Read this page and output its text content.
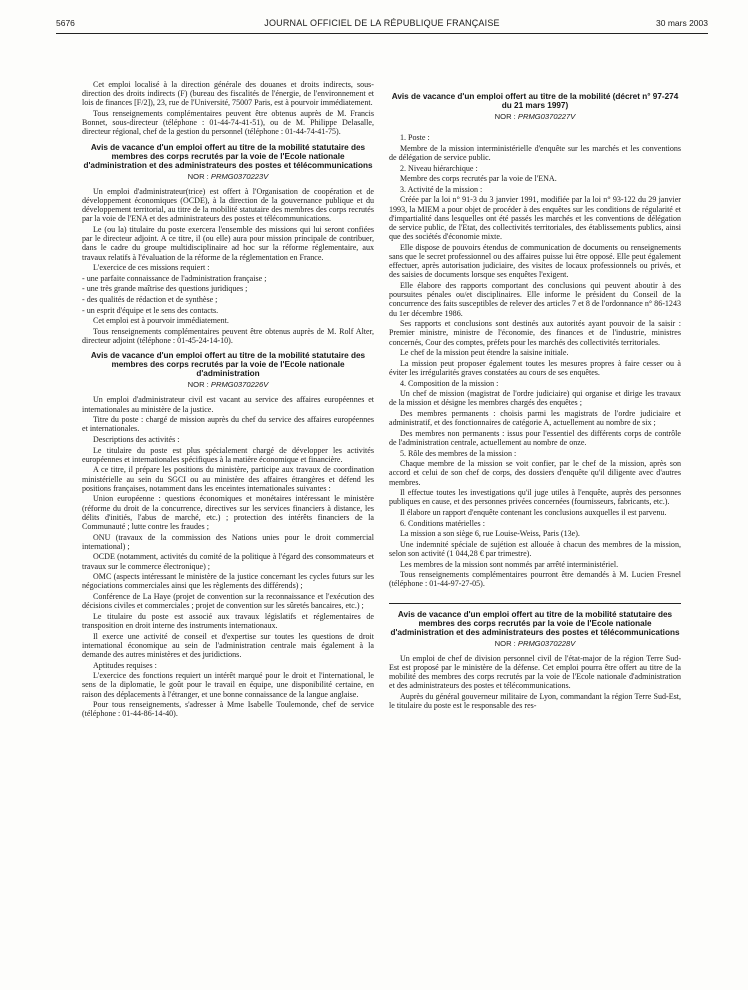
5676	JOURNAL OFFICIEL DE LA RÉPUBLIQUE FRANÇAISE	30 mars 2003

Cet emploi localisé à la direction générale des douanes et droits indirects, sous-direction des droits indirects (F) (bureau des fiscalités de l'énergie, de l'environnement et lois de finances [F/2]), 23, rue de l'Université, 75007 Paris, est à pourvoir immédiatement.

Tous renseignements complémentaires peuvent être obtenus auprès de M. Francis Bonnet, sous-directeur (téléphone : 01-44-74-41-51), ou de M. Philippe Delasalle, directeur régional, chef de la gestion du personnel (téléphone : 01-44-74-41-75).

Avis de vacance d'un emploi offert au titre de la mobilité statutaire des membres des corps recrutés par la voie de l'Ecole nationale d'administration et des administrateurs des postes et télécommunications
NOR : PRMG0370223V

Un emploi d'administrateur(trice) est offert à l'Organisation de coopération et de développement économiques (OCDE), à la direction de la gouvernance publique et du développement territorial, au titre de la mobilité statutaire des membres des corps recrutés par la voie de l'ENA et des administrateurs des postes et télécommunications.

Le (ou la) titulaire du poste exercera l'ensemble des missions qui lui seront confiées par le directeur adjoint. A ce titre, il (ou elle) aura pour mission principale de contribuer, dans le cadre du groupe multidisciplinaire ad hoc sur la réforme réglementaire, aux travaux relatifs à l'évaluation de la réforme de la réglementation en France.

L'exercice de ces missions requiert :

- une parfaite connaissance de l'administration française ;

- une très grande maîtrise des questions juridiques ;

- des qualités de rédaction et de synthèse ;

- un esprit d'équipe et le sens des contacts.

Cet emploi est à pourvoir immédiatement.

Tous renseignements complémentaires peuvent être obtenus auprès de M. Rolf Alter, directeur adjoint (téléphone : 01-45-24-14-10).

Avis de vacance d'un emploi offert au titre de la mobilité statutaire des membres des corps recrutés par la voie de l'Ecole nationale d'administration
NOR : PRMG0370226V

Un emploi d'administrateur civil est vacant au service des affaires européennes et internationales au ministère de la justice.

Titre du poste : chargé de mission auprès du chef du service des affaires européennes et internationales.

Descriptions des activités :

Le titulaire du poste est plus spécialement chargé de développer les activités européennes et internationales spécifiques à la matière économique et financière.

A ce titre, il prépare les positions du ministère, participe aux travaux de coordination ministérielle au sein du SGCI ou au ministère des affaires étrangères et défend les positions françaises, notamment dans les enceintes internationales suivantes :

Union européenne : questions économiques et monétaires intéressant le ministère (réforme du droit de la concurrence, directives sur les services financiers à distance, les délits d'initiés, l'abus de marché, etc.) ; protection des intérêts financiers de la Communauté ; lutte contre les fraudes ;

ONU (travaux de la commission des Nations unies pour le droit commercial international) ;

OCDE (notamment, activités du comité de la politique à l'égard des consommateurs et travaux sur le commerce électronique) ;

OMC (aspects intéressant le ministère de la justice concernant les cycles futurs sur les négociations commerciales ainsi que les règlements des différends) ;

Conférence de La Haye (projet de convention sur la reconnaissance et l'exécution des décisions civiles et commerciales ; projet de convention sur les sûretés bancaires, etc.) ;

Le titulaire du poste est associé aux travaux législatifs et réglementaires de transposition en droit interne des instruments internationaux.

Il exerce une activité de conseil et d'expertise sur toutes les questions de droit international économique au sein de l'administration centrale mais également à la demande des autres ministères et des juridictions.

Aptitudes requises :

L'exercice des fonctions requiert un intérêt marqué pour le droit et l'international, le sens de la diplomatie, le goût pour le travail en équipe, une disponibilité certaine, en raison des déplacements à l'étranger, et une bonne connaissance de la langue anglaise.

Pour tous renseignements, s'adresser à Mme Isabelle Toulemonde, chef de service (téléphone : 01-44-86-14-40).

Avis de vacance d'un emploi offert au titre de la mobilité (décret n° 97-274 du 21 mars 1997)
NOR : PRMG0370227V

1. Poste :

Membre de la mission interministérielle d'enquête sur les marchés et les conventions de délégation de service public.

2. Niveau hiérarchique :

Membre des corps recrutés par la voie de l'ENA.

3. Activité de la mission :

Créée par la loi n° 91-3 du 3 janvier 1991, modifiée par la loi n° 93-122 du 29 janvier 1993, la MIEM a pour objet de procéder à des enquêtes sur les conditions de régularité et d'impartialité dans lesquelles ont été passés les marchés et les conventions de délégation de service public, de l'Etat, des collectivités territoriales, des établissements publics, ainsi que des sociétés d'économie mixte.

Elle dispose de pouvoirs étendus de communication de documents ou renseignements sans que le secret professionnel ou des affaires puisse lui être opposé. Elle peut également effectuer, après autorisation judiciaire, des visites de locaux professionnels ou privés, et des saisies de documents lorsque ses enquêtes l'exigent.

Elle élabore des rapports comportant des conclusions qui peuvent aboutir à des poursuites pénales ou/et disciplinaires. Elle informe le président du Conseil de la concurrence des faits susceptibles de relever des articles 7 et 8 de l'ordonnance n° 86-1243 du 1er décembre 1986.

Ses rapports et conclusions sont destinés aux autorités ayant pouvoir de la saisir : Premier ministre, ministre de l'économie, des finances et de l'industrie, ministres concernés, Cour des comptes, préfets pour les marchés des collectivités territoriales.

Le chef de la mission peut étendre la saisine initiale.

La mission peut proposer également toutes les mesures propres à faire cesser ou à éviter les irrégularités graves constatées au cours de ses enquêtes.

4. Composition de la mission :

Un chef de mission (magistrat de l'ordre judiciaire) qui organise et dirige les travaux de la mission et désigne les membres chargés des enquêtes ;

Des membres permanents : choisis parmi les magistrats de l'ordre judiciaire et administratif, et des fonctionnaires de catégorie A, actuellement au nombre de six ;

Des membres non permanents : issus pour l'essentiel des différents corps de contrôle de l'administration centrale, actuellement au nombre de onze.

5. Rôle des membres de la mission :

Chaque membre de la mission se voit confier, par le chef de la mission, après son accord et celui de son chef de corps, des dossiers d'enquête qu'il diligente avec d'autres membres.

Il effectue toutes les investigations qu'il juge utiles à l'enquête, auprès des personnes publiques en cause, et des personnes privées concernées (fournisseurs, fabricants, etc.).

Il élabore un rapport d'enquête contenant les conclusions auxquelles il est parvenu.

6. Conditions matérielles :

La mission a son siège 6, rue Louise-Weiss, Paris (13e).

Une indemnité spéciale de sujétion est allouée à chacun des membres de la mission, selon son activité (1 044,28 € par trimestre).

Les membres de la mission sont nommés par arrêté interministériel.

Tous renseignements complémentaires pourront être demandés à M. Lucien Fresnel (téléphone : 01-44-97-27-05).

Avis de vacance d'un emploi offert au titre de la mobilité statutaire des membres des corps recrutés par la voie de l'Ecole nationale d'administration et des administrateurs des postes et télécommunications
NOR : PRMG0370228V

Un emploi de chef de division personnel civil de l'état-major de la région Terre Sud-Est est proposé par le ministère de la défense. Cet emploi pourra être offert au titre de la mobilité des membres des corps recrutés par la voie de l'Ecole nationale d'administration et des administrateurs des postes et télécommunications.

Auprès du général gouverneur militaire de Lyon, commandant la région Terre Sud-Est, le titulaire du poste est le responsable des res-
